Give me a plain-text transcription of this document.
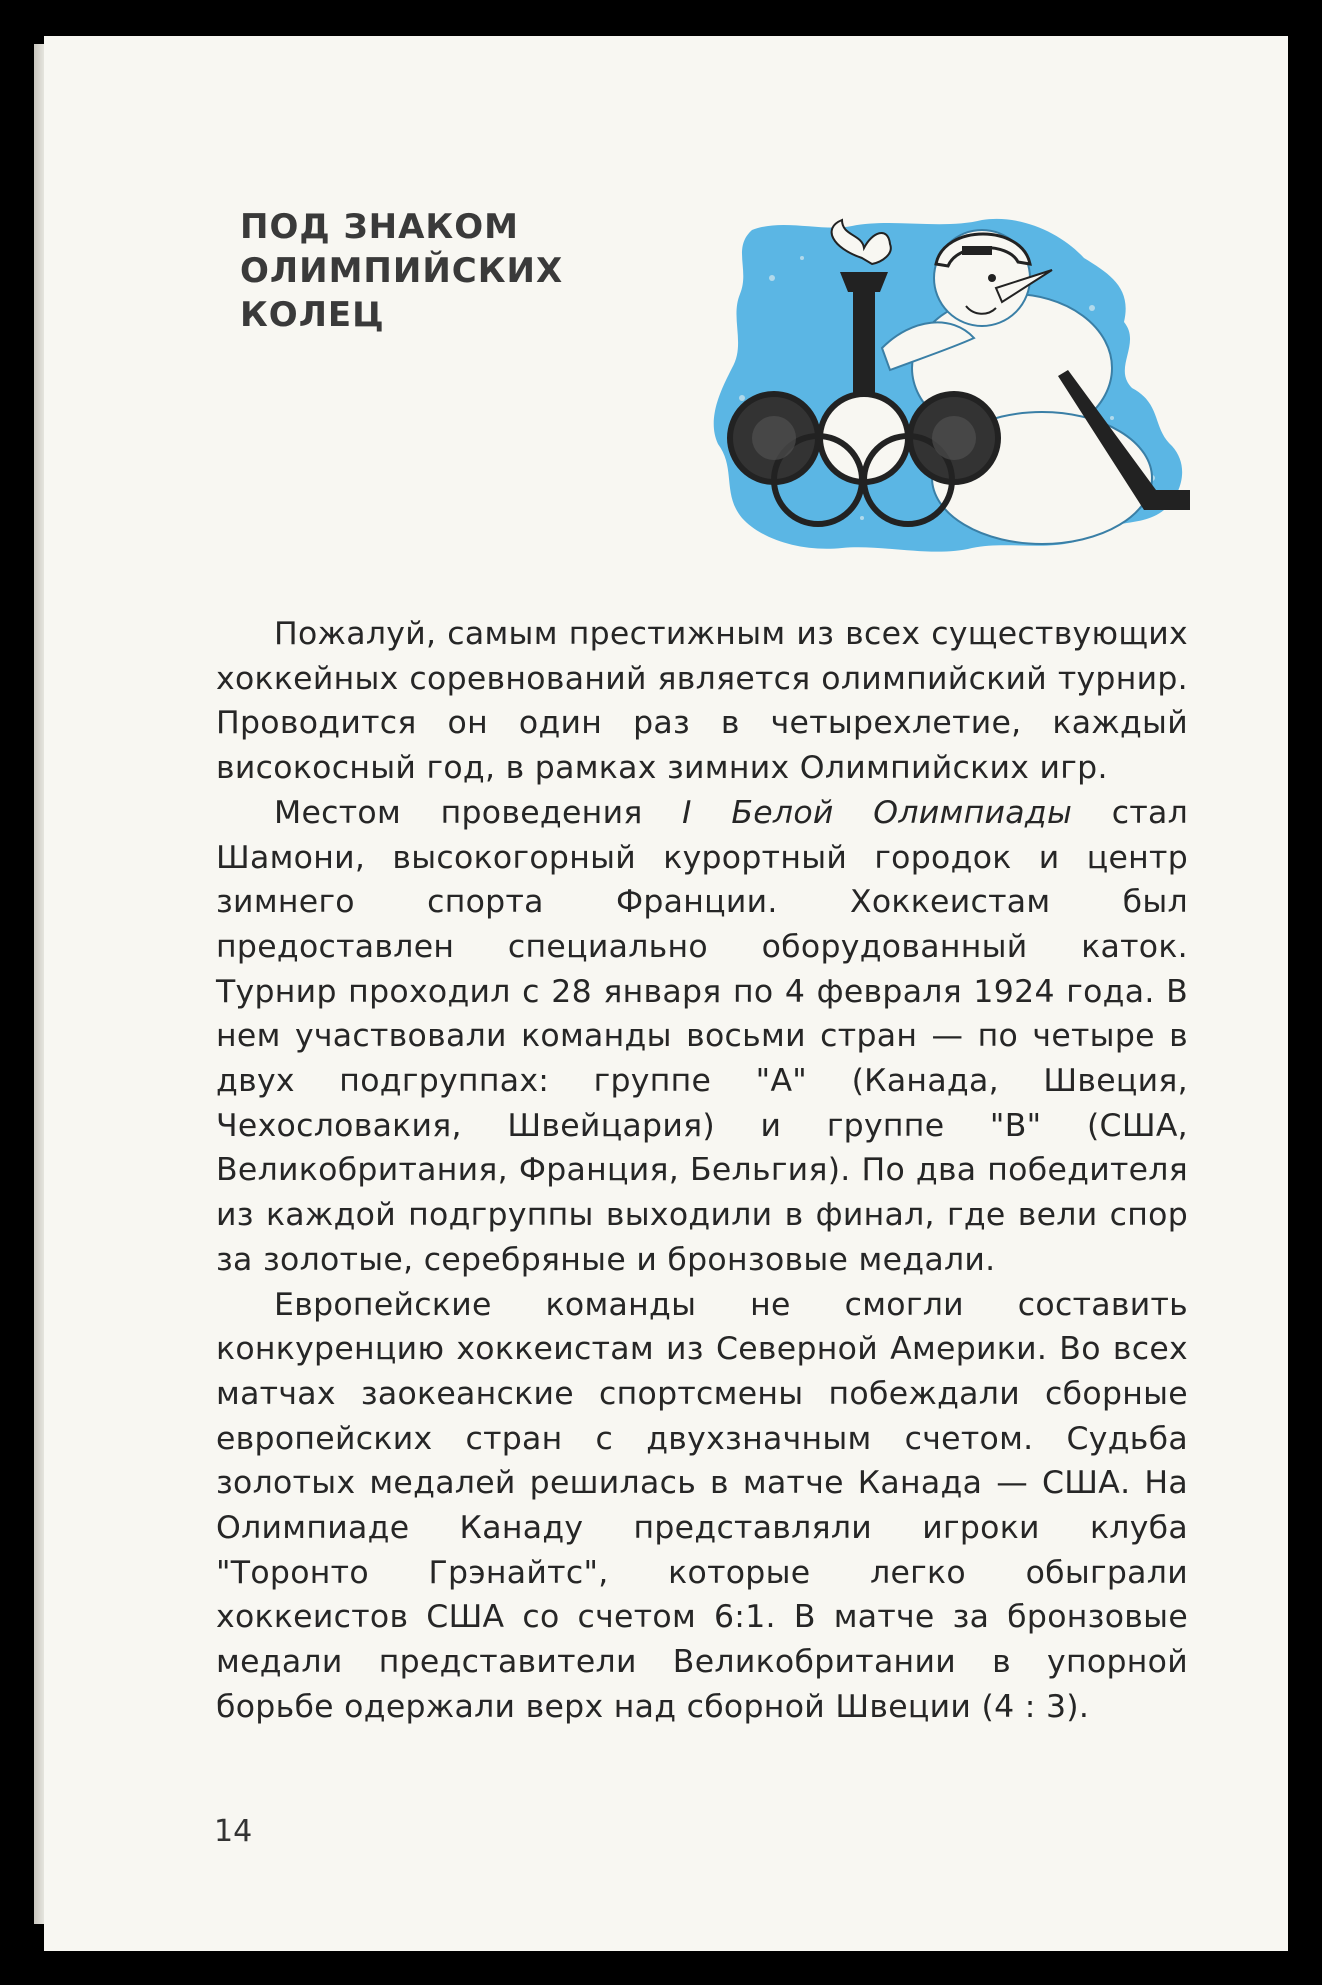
ПОД ЗНАКОМ
ОЛИМПИЙСКИХ
КОЛЕЦ

Пожалуй, самым престижным из всех существующих хоккейных соревнований является олимпийский турнир. Проводится он один раз в четырехлетие, каждый високосный год, в рамках зимних Олимпийских игр.

Местом проведения I Белой Олимпиады стал Шамони, высокогорный курортный городок и центр зимнего спорта Франции. Хоккеистам был предоставлен специально оборудованный каток. Турнир проходил с 28 января по 4 февраля 1924 года. В нем участвовали команды восьми стран — по четыре в двух подгруппах: группе "А" (Канада, Швеция, Чехословакия, Швейцария) и группе "В" (США, Великобритания, Франция, Бельгия). По два победителя из каждой подгруппы выходили в финал, где вели спор за золотые, серебряные и бронзовые медали.

Европейские команды не смогли составить конкуренцию хоккеистам из Северной Америки. Во всех матчах заокеанские спортсмены побеждали сборные европейских стран с двухзначным счетом. Судьба золотых медалей решилась в матче Канада — США. На Олимпиаде Канаду представляли игроки клуба "Торонто Грэнайтс", которые легко обыграли хоккеистов США со счетом 6:1. В матче за бронзовые медали представители Великобритании в упорной борьбе одержали верх над сборной Швеции (4 : 3).

14
